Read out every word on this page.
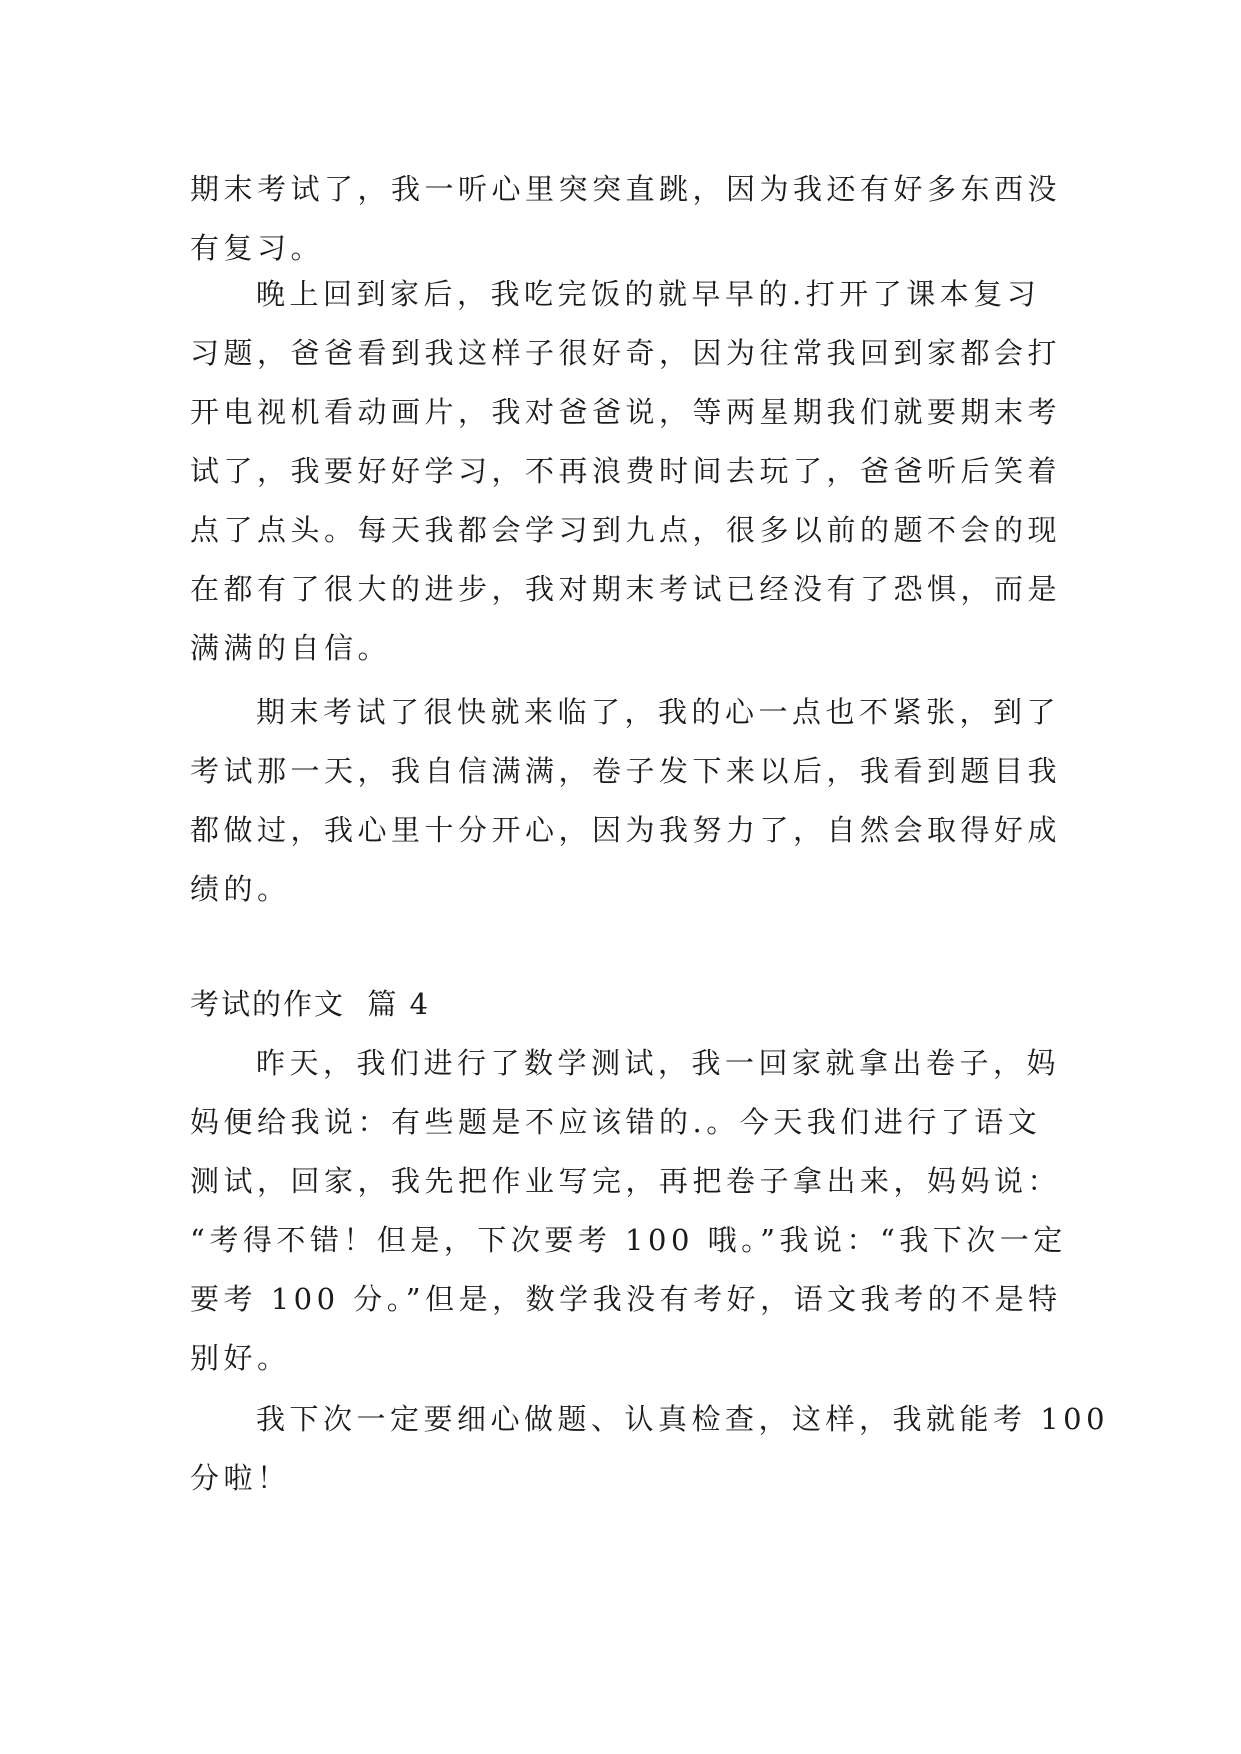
期末考试了，我一听心里突突直跳，因为我还有好多东西没
有复习。
晚上回到家后，我吃完饭的就早早的.打开了课本复习
习题，爸爸看到我这样子很好奇，因为往常我回到家都会打
开电视机看动画片，我对爸爸说，等两星期我们就要期末考
试了，我要好好学习，不再浪费时间去玩了，爸爸听后笑着
点了点头。每天我都会学习到九点，很多以前的题不会的现
在都有了很大的进步，我对期末考试已经没有了恐惧，而是
满满的自信。
期末考试了很快就来临了，我的心一点也不紧张，到了
考试那一天，我自信满满，卷子发下来以后，我看到题目我
都做过，我心里十分开心，因为我努力了，自然会取得好成
绩的。
考试的作文  篇 4
昨天，我们进行了数学测试，我一回家就拿出卷子，妈
妈便给我说：有些题是不应该错的.。今天我们进行了语文
测试，回家，我先把作业写完，再把卷子拿出来，妈妈说：
“考得不错！但是，下次要考 100 哦。”我说：“我下次一定
要考 100 分。”但是，数学我没有考好，语文我考的不是特
别好。
我下次一定要细心做题、认真检查，这样，我就能考 100
分啦！
